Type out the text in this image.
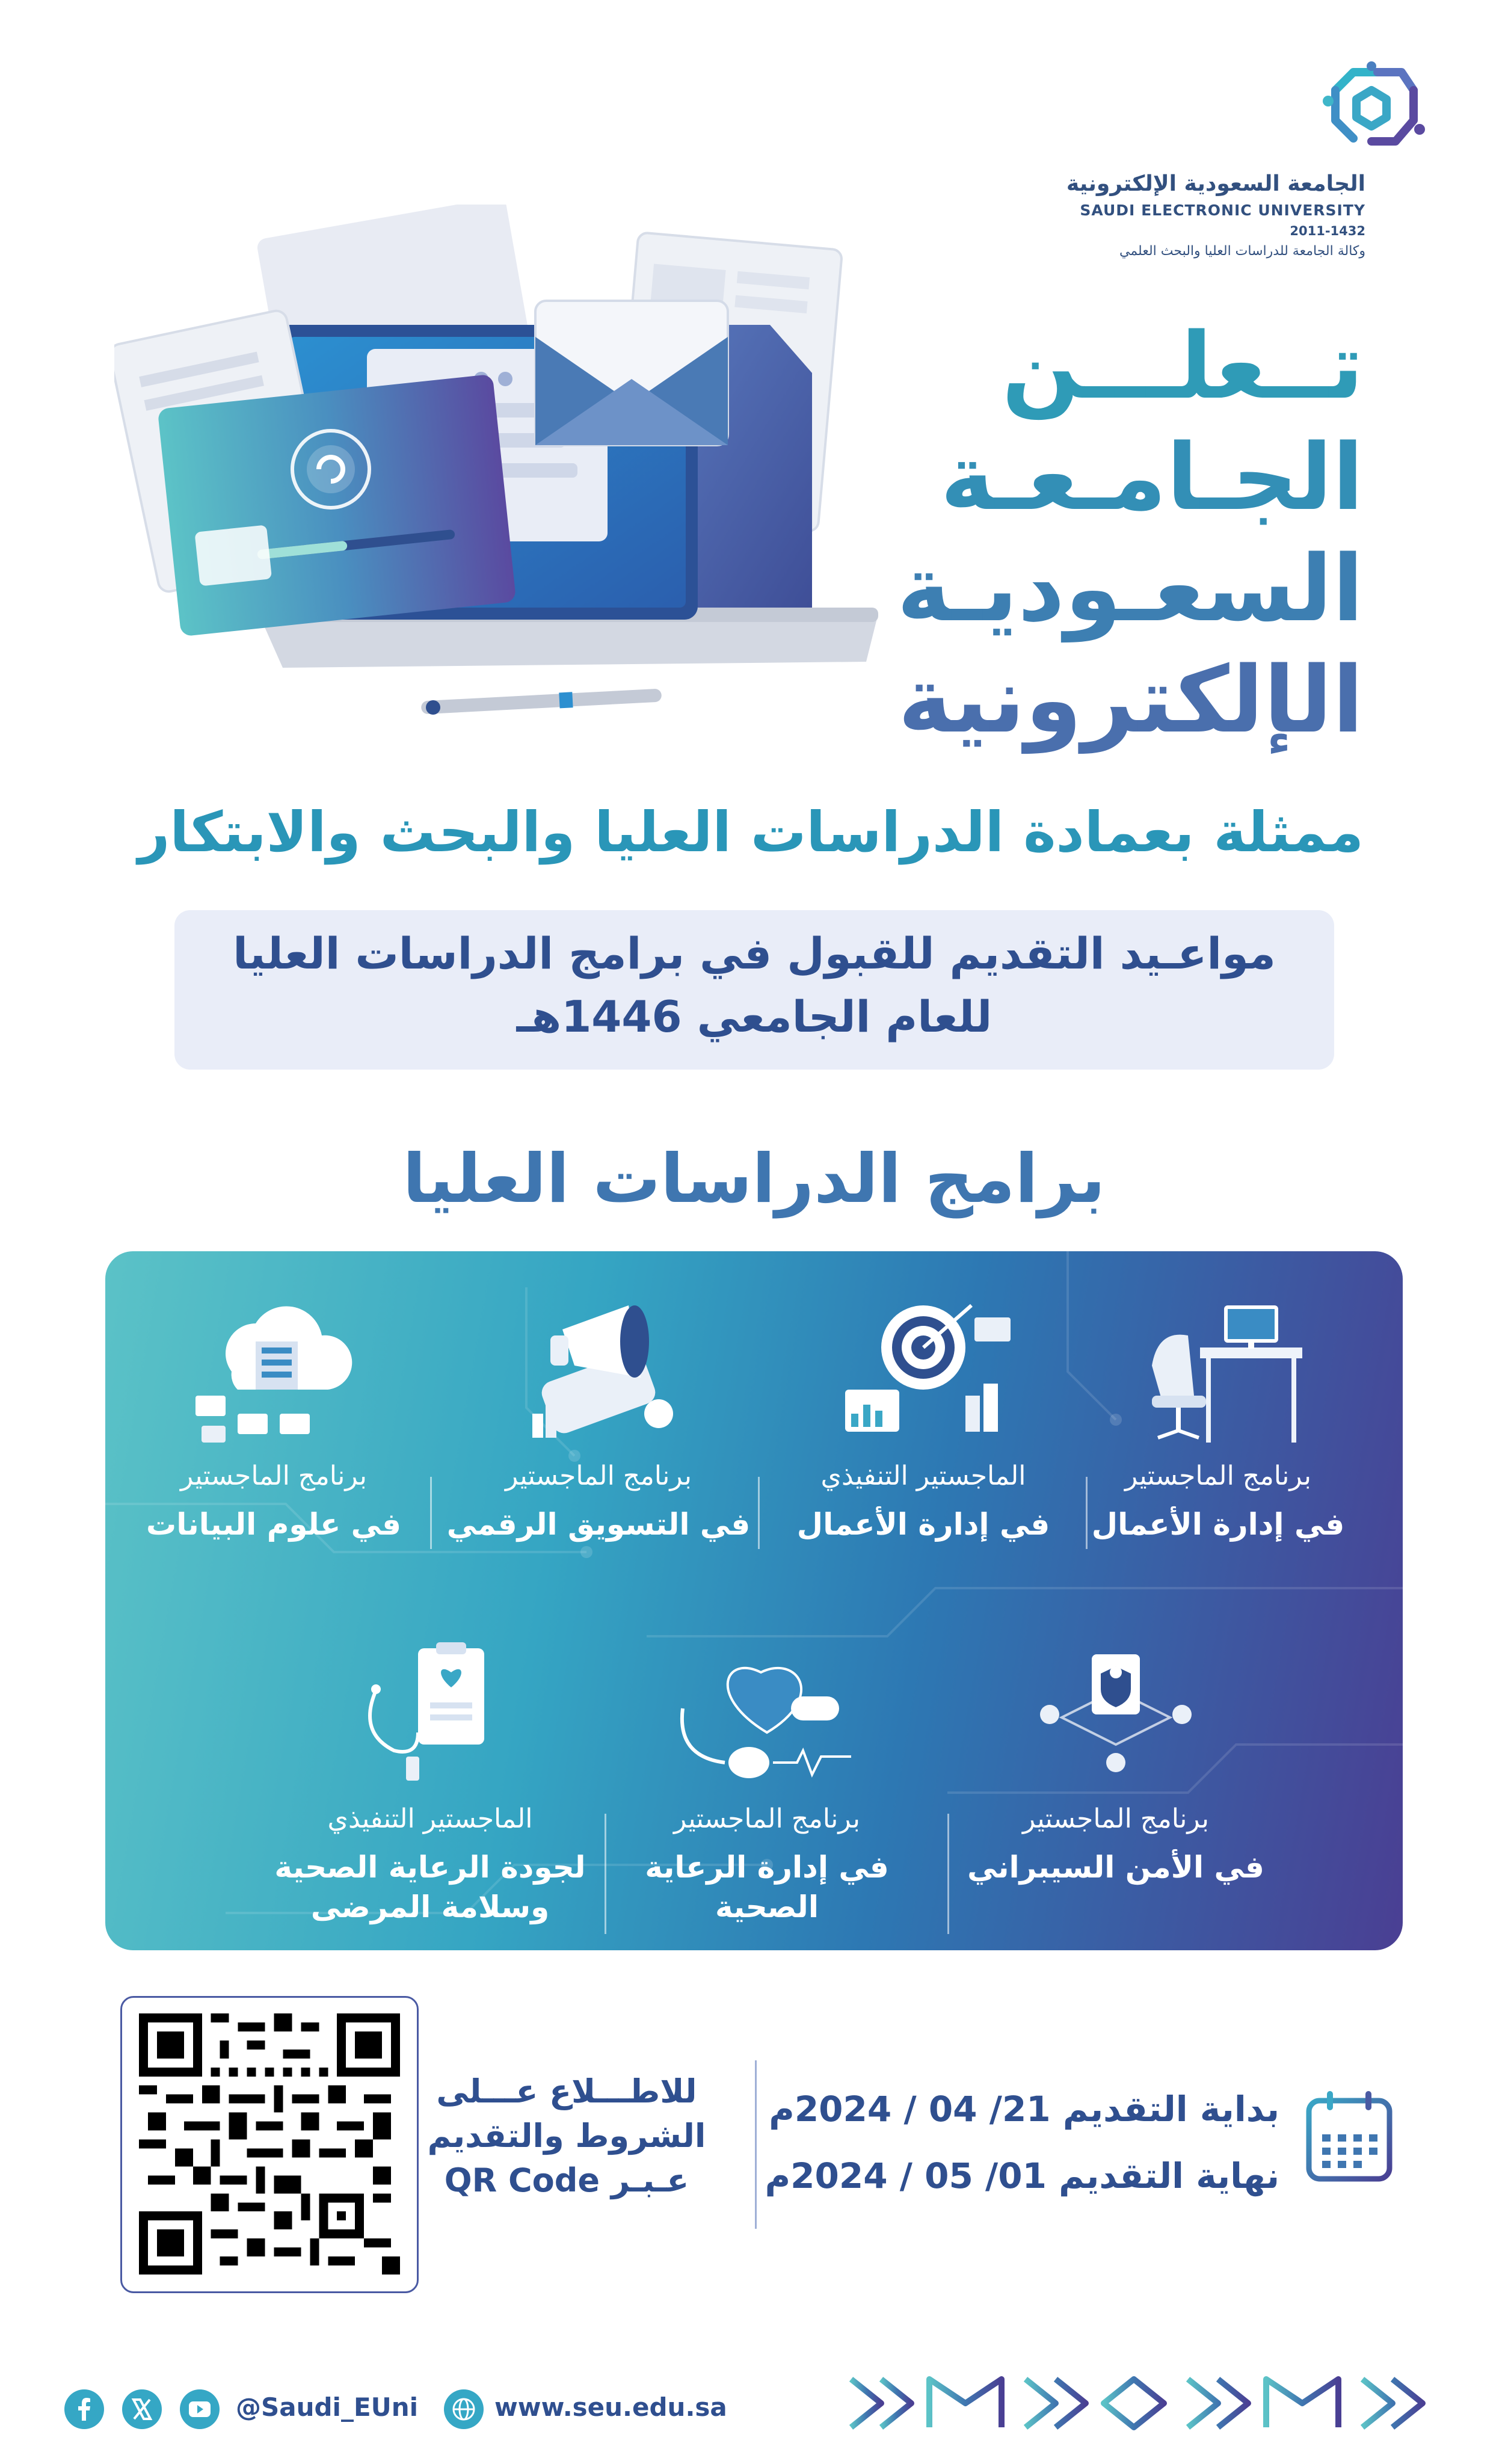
الجامعة السعودية الإلكترونية
SAUDI ELECTRONIC UNIVERSITY
2011-1432
وكالة الجامعة للدراسات العليا والبحث العلمي
تــعلـــن
الجـامـعـة
السعـوديـة
الإلكترونية
ممثلة بعمادة الدراسات العليا والبحث والابتكار
مواعـيد التقديم للقبول في برامج الدراسات العليا
للعام الجامعي 1446هـ
برامج الدراسات العليا
برنامج الماجستير
في إدارة الأعمال
الماجستير التنفيذي
في إدارة الأعمال
برنامج الماجستير
في التسويق الرقمي
برنامج الماجستير
في علوم البيانات
برنامج الماجستير
في الأمن السيبراني
برنامج الماجستير
في إدارة الرعاية الصحية
الماجستير التنفيذي
لجودة الرعاية الصحية وسلامة المرضى
للاطـــلاع عـــلى
الشروط والتقديم
عـبـر QR Code
بداية التقديم 21/ 04 / 2024م
نهاية التقديم 01/ 05 / 2024م
@Saudi_EUni	www.seu.edu.sa
